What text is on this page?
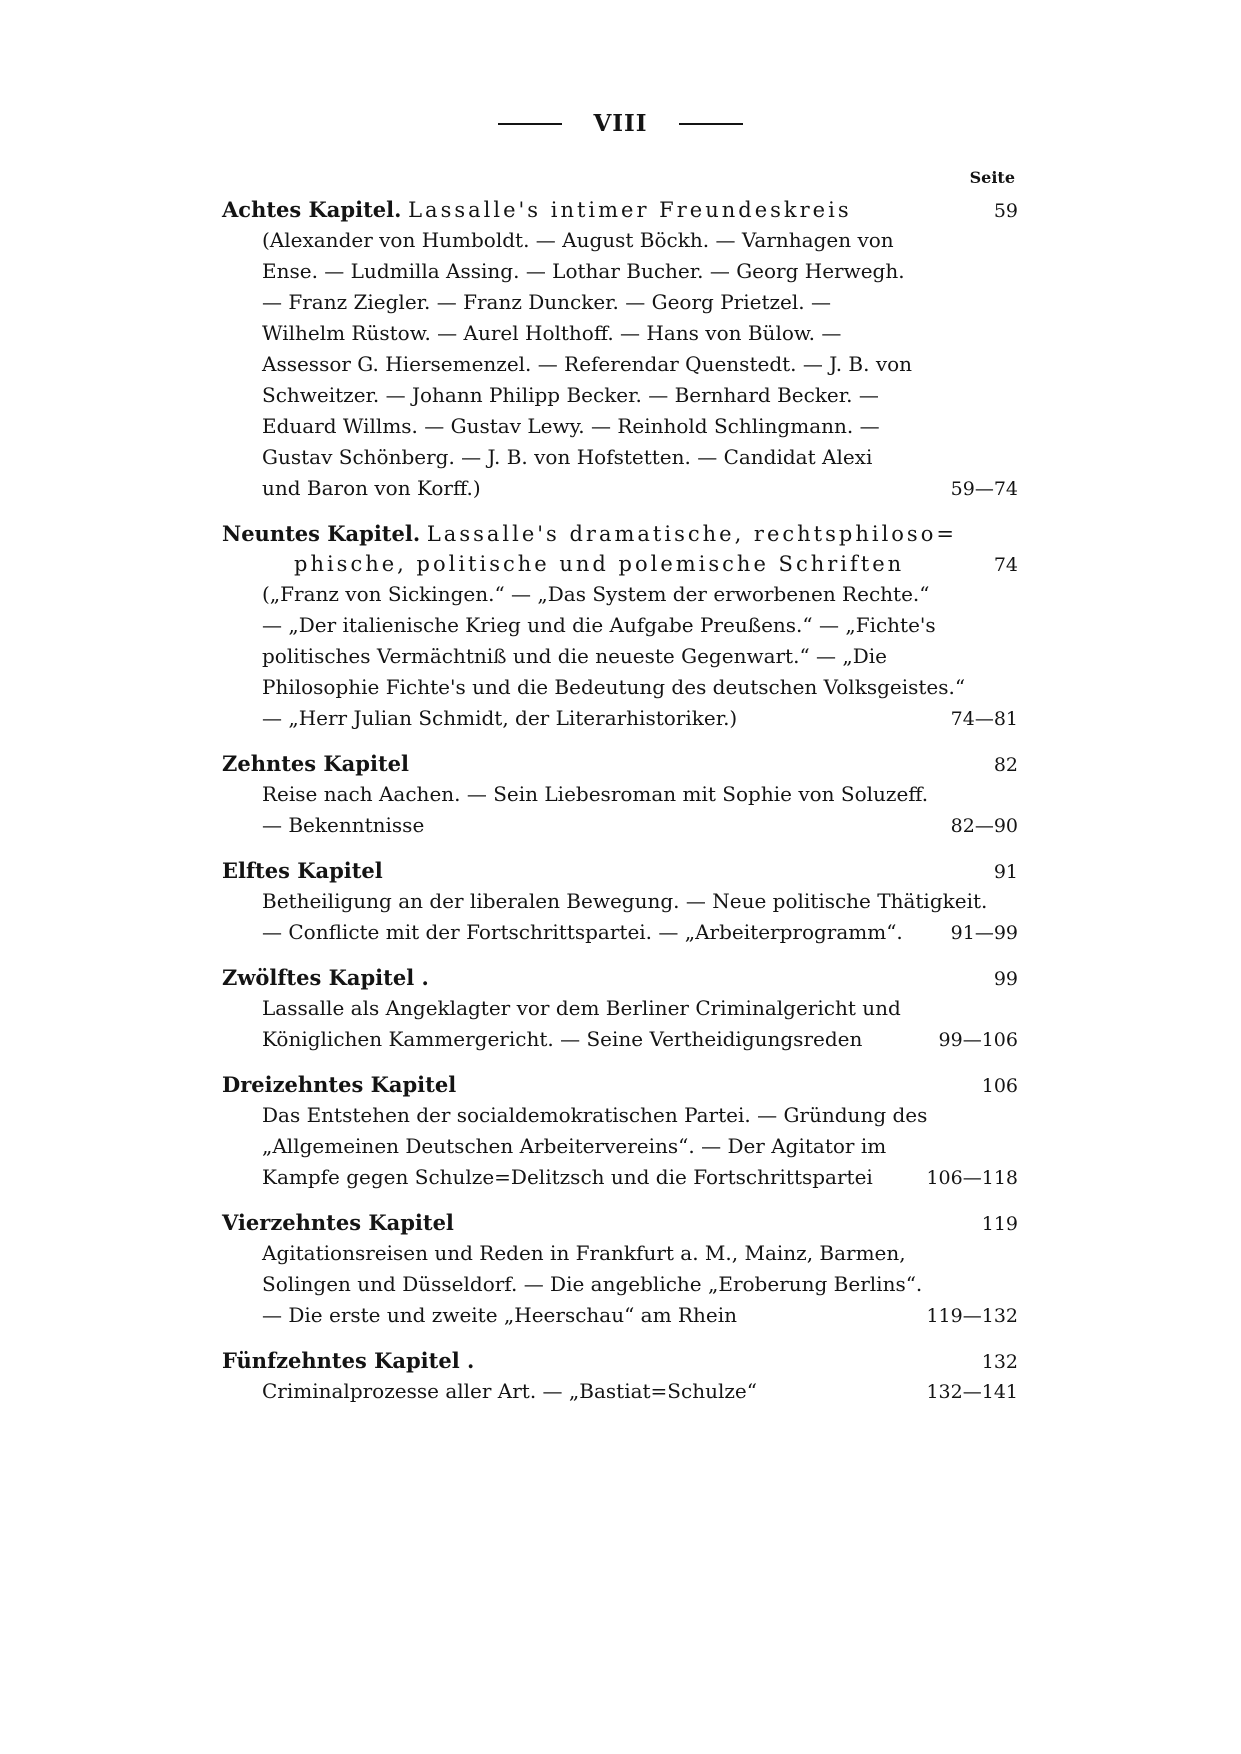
VIII
Seite
Achtes Kapitel. Lassalle's intimer Freundeskreis	59
(Alexander von Humboldt. — August Böckh. — Varnhagen von
Ense. — Ludmilla Assing. — Lothar Bucher. — Georg Herwegh.
— Franz Ziegler. — Franz Duncker. — Georg Prietzel. —
Wilhelm Rüstow. — Aurel Holthoff. — Hans von Bülow. —
Assessor G. Hiersemenzel. — Referendar Quenstedt. — J. B. von
Schweitzer. — Johann Philipp Becker. — Bernhard Becker. —
Eduard Willms. — Gustav Lewy. — Reinhold Schlingmann. —
Gustav Schönberg. — J. B. von Hofstetten. — Candidat Alexi
und Baron von Korff.)	59—74
Neuntes Kapitel. Lassalle's dramatische, rechtsphiloso=
phische, politische und polemische Schriften	74
(„Franz von Sickingen.“ — „Das System der erworbenen Rechte.“
— „Der italienische Krieg und die Aufgabe Preußens.“ — „Fichte's
politisches Vermächtniß und die neueste Gegenwart.“ — „Die
Philosophie Fichte's und die Bedeutung des deutschen Volksgeistes.“
— „Herr Julian Schmidt, der Literarhistoriker.)	74—81
Zehntes Kapitel	82
Reise nach Aachen. — Sein Liebesroman mit Sophie von Soluzeff.
— Bekenntnisse	82—90
Elftes Kapitel	91
Betheiligung an der liberalen Bewegung. — Neue politische Thätigkeit.
— Conflicte mit der Fortschrittspartei. — „Arbeiterprogramm“.	91—99
Zwölftes Kapitel .	99
Lassalle als Angeklagter vor dem Berliner Criminalgericht und
Königlichen Kammergericht. — Seine Vertheidigungsreden	99—106
Dreizehntes Kapitel	106
Das Entstehen der socialdemokratischen Partei. — Gründung des
„Allgemeinen Deutschen Arbeitervereins“. — Der Agitator im
Kampfe gegen Schulze=Delitzsch und die Fortschrittspartei	106—118
Vierzehntes Kapitel	119
Agitationsreisen und Reden in Frankfurt a. M., Mainz, Barmen,
Solingen und Düsseldorf. — Die angebliche „Eroberung Berlins“.
— Die erste und zweite „Heerschau“ am Rhein	119—132
Fünfzehntes Kapitel .	132
Criminalprozesse aller Art. — „Bastiat=Schulze“	132—141
